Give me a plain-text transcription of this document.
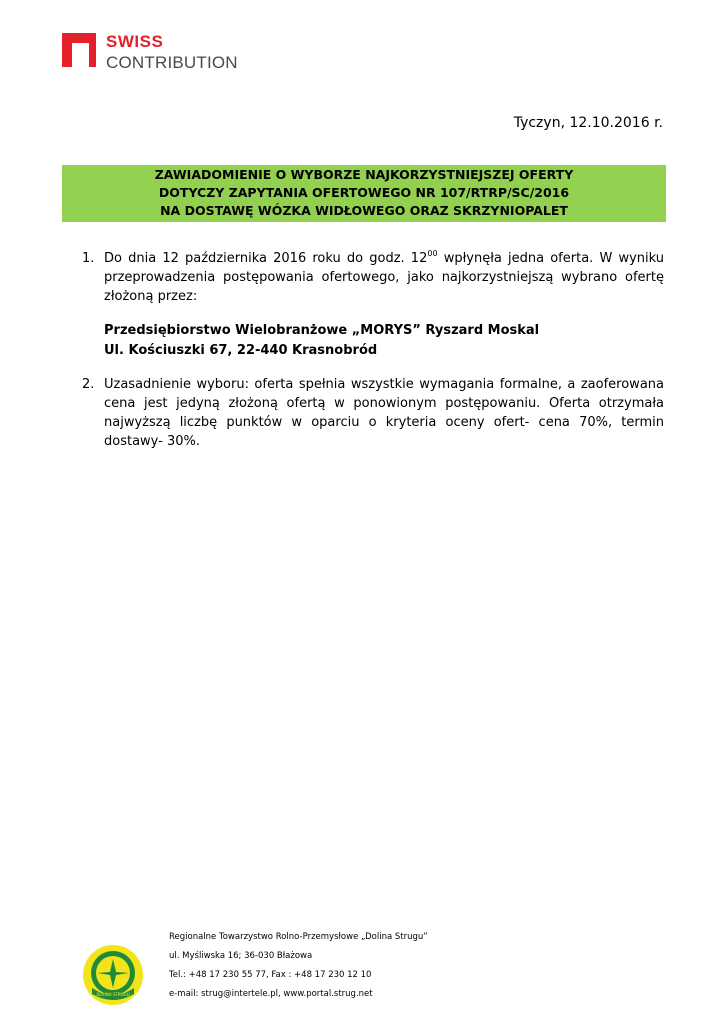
SWISS
CONTRIBUTION
Tyczyn, 12.10.2016 r.
ZAWIADOMIENIE O WYBORZE NAJKORZYSTNIEJSZEJ OFERTY
DOTYCZY ZAPYTANIA OFERTOWEGO NR 107/RTRP/SC/2016
NA DOSTAWĘ WÓZKA WIDŁOWEGO ORAZ SKRZYNIOPALET
1. Do dnia 12 października 2016 roku do godz. $12^{00}$ wpłynęła jedna oferta. W wyniku przeprowadzenia postępowania ofertowego, jako najkorzystniejszą wybrano ofertę złożoną przez:
Przedsiębiorstwo Wielobranżowe „MORYS” Ryszard Moskal
Ul. Kościuszki 67, 22-440 Krasnobród
2. Uzasadnienie wyboru: oferta spełnia wszystkie wymagania formalne, a zaoferowana cena jest jedyną złożoną ofertą w ponowionym postępowaniu. Oferta otrzymała najwyższą liczbę punktów w oparciu o kryteria oceny ofert- cena 70%, termin dostawy- 30%.
DOLINA STRUGU
Regionalne Towarzystwo Rolno-Przemysłowe „Dolina Strugu”
ul. Myśliwska 16; 36-030 Błażowa
Tel.: +48 17 230 55 77, Fax : +48 17 230 12 10
e-mail: strug@intertele.pl, www.portal.strug.net
